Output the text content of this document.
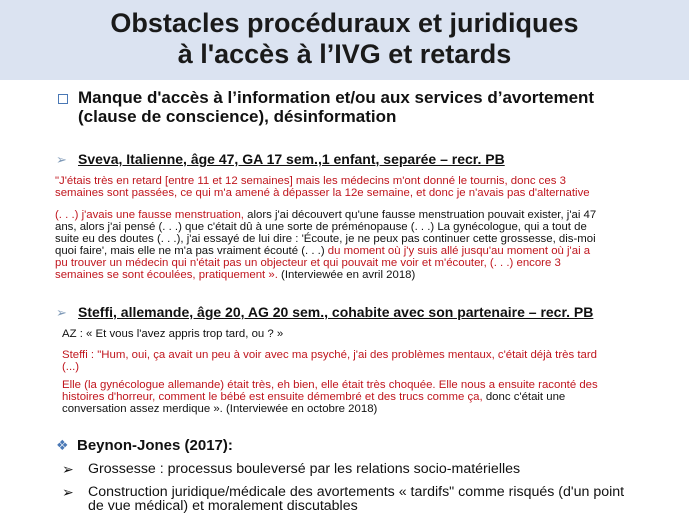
Obstacles procéduraux et juridiques
à l'accès à l’IVG et retards
Manque d'accès à l’information et/ou aux services d’avortement
(clause de conscience), désinformation
➢ Sveva, Italienne, âge 47, GA 17 sem.,1 enfant, separée – recr. PB
"J'étais très en retard [entre 11 et 12 semaines] mais les médecins m'ont donné le tournis, donc ces 3
semaines sont passées, ce qui m'a amené à dépasser la 12e semaine, et donc je n'avais pas d'alternative
(. . .) j'avais une fausse menstruation, alors j'ai découvert qu'une fausse menstruation pouvait exister, j'ai 47
ans, alors j'ai pensé (. . .) que c'était dû à une sorte de préménopause (. . .) La gynécologue, qui a tout de
suite eu des doutes (. . .), j'ai essayé de lui dire : 'Écoute, je ne peux pas continuer cette grossesse, dis-moi
quoi faire', mais elle ne m'a pas vraiment écouté (. . .) du moment où j'y suis allé jusqu'au moment où j'ai a
pu trouver un médecin qui n'était pas un objecteur et qui pouvait me voir et m'écouter, (. . .) encore 3
semaines se sont écoulées, pratiquement ». (Interviewée en avril 2018)
➢ Steffi, allemande, âge 20, AG 20 sem., cohabite avec son partenaire – recr. PB
AZ : « Et vous l'avez appris trop tard, ou ? »
Steffi : "Hum, oui, ça avait un peu à voir avec ma psyché, j'ai des problèmes mentaux, c'était déjà très tard
(...)
Elle (la gynécologue allemande) était très, eh bien, elle était très choquée. Elle nous a ensuite raconté des
histoires d'horreur, comment le bébé est ensuite démembré et des trucs comme ça, donc c'était une
conversation assez merdique ». (Interviewée en octobre 2018)
❖ Beynon-Jones (2017):
➢ Grossesse : processus bouleversé par les relations socio-matérielles
➢ Construction juridique/médicale des avortements « tardifs" comme risqués (d'un point
de vue médical) et moralement discutables
